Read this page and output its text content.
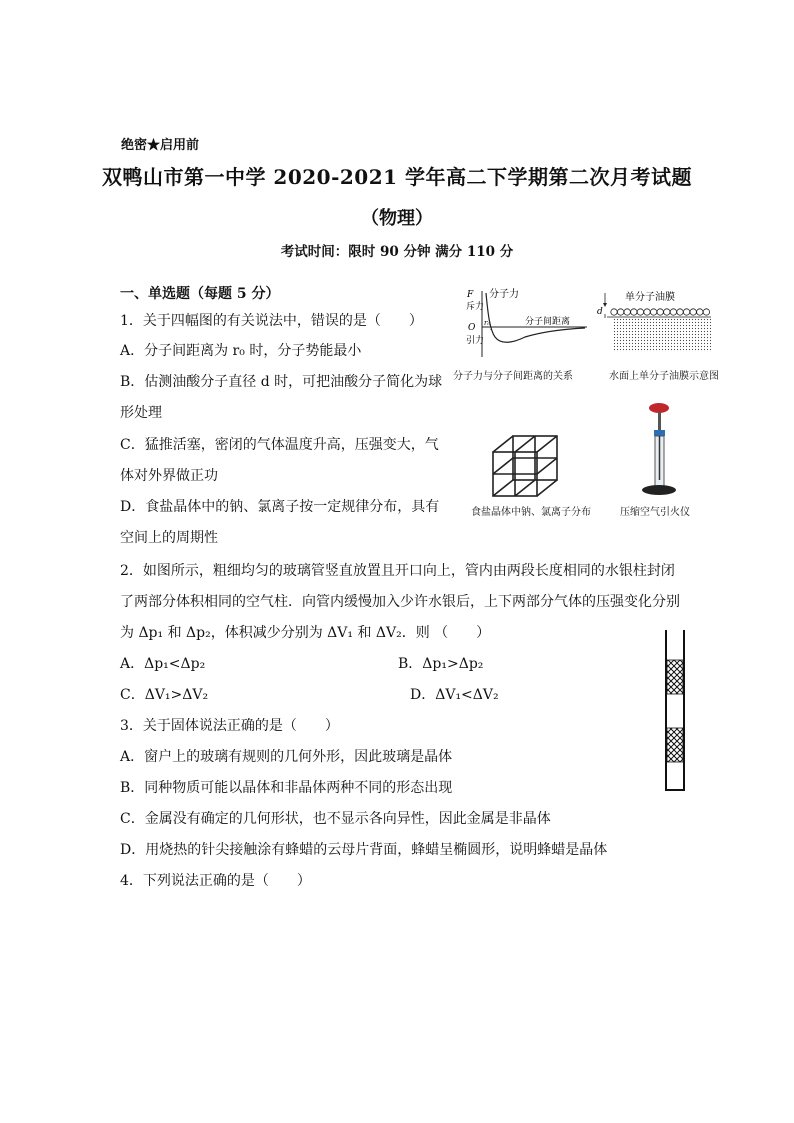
绝密★启用前
双鸭山市第一中学 2020-2021 学年高二下学期第二次月考试题
（物理）
考试时间：限时 90 分钟 满分 110 分
一、单选题（每题 5 分）
1．关于四幅图的有关说法中，错误的是（　　）
A．分子间距离为 r₀ 时，分子势能最小
B．估测油酸分子直径 d 时，可把油酸分子简化为球
形处理
C．猛推活塞，密闭的气体温度升高，压强变大，气
体对外界做正功
D．食盐晶体中的钠、氯离子按一定规律分布，具有
空间上的周期性
F
斥力
O
引力
分子力
r₀	分子间距离
分子力与分子间距离的关系
单分子油膜
d
水面上单分子油膜示意图
食盐晶体中钠、氯离子分布	压缩空气引火仪
2．如图所示，粗细均匀的玻璃管竖直放置且开口向上，管内由两段长度相同的水银柱封闭
了两部分体积相同的空气柱．向管内缓慢加入少许水银后，上下两部分气体的压强变化分别
为 Δp₁ 和 Δp₂，体积减少分别为 ΔV₁ 和 ΔV₂．则 （　　）
A．Δp₁<Δp₂	B．Δp₁>Δp₂
C．ΔV₁>ΔV₂	D．ΔV₁<ΔV₂
3．关于固体说法正确的是（　　）
A．窗户上的玻璃有规则的几何外形，因此玻璃是晶体
B．同种物质可能以晶体和非晶体两种不同的形态出现
C．金属没有确定的几何形状，也不显示各向异性，因此金属是非晶体
D．用烧热的针尖接触涂有蜂蜡的云母片背面，蜂蜡呈椭圆形，说明蜂蜡是晶体
4．下列说法正确的是（　　）
